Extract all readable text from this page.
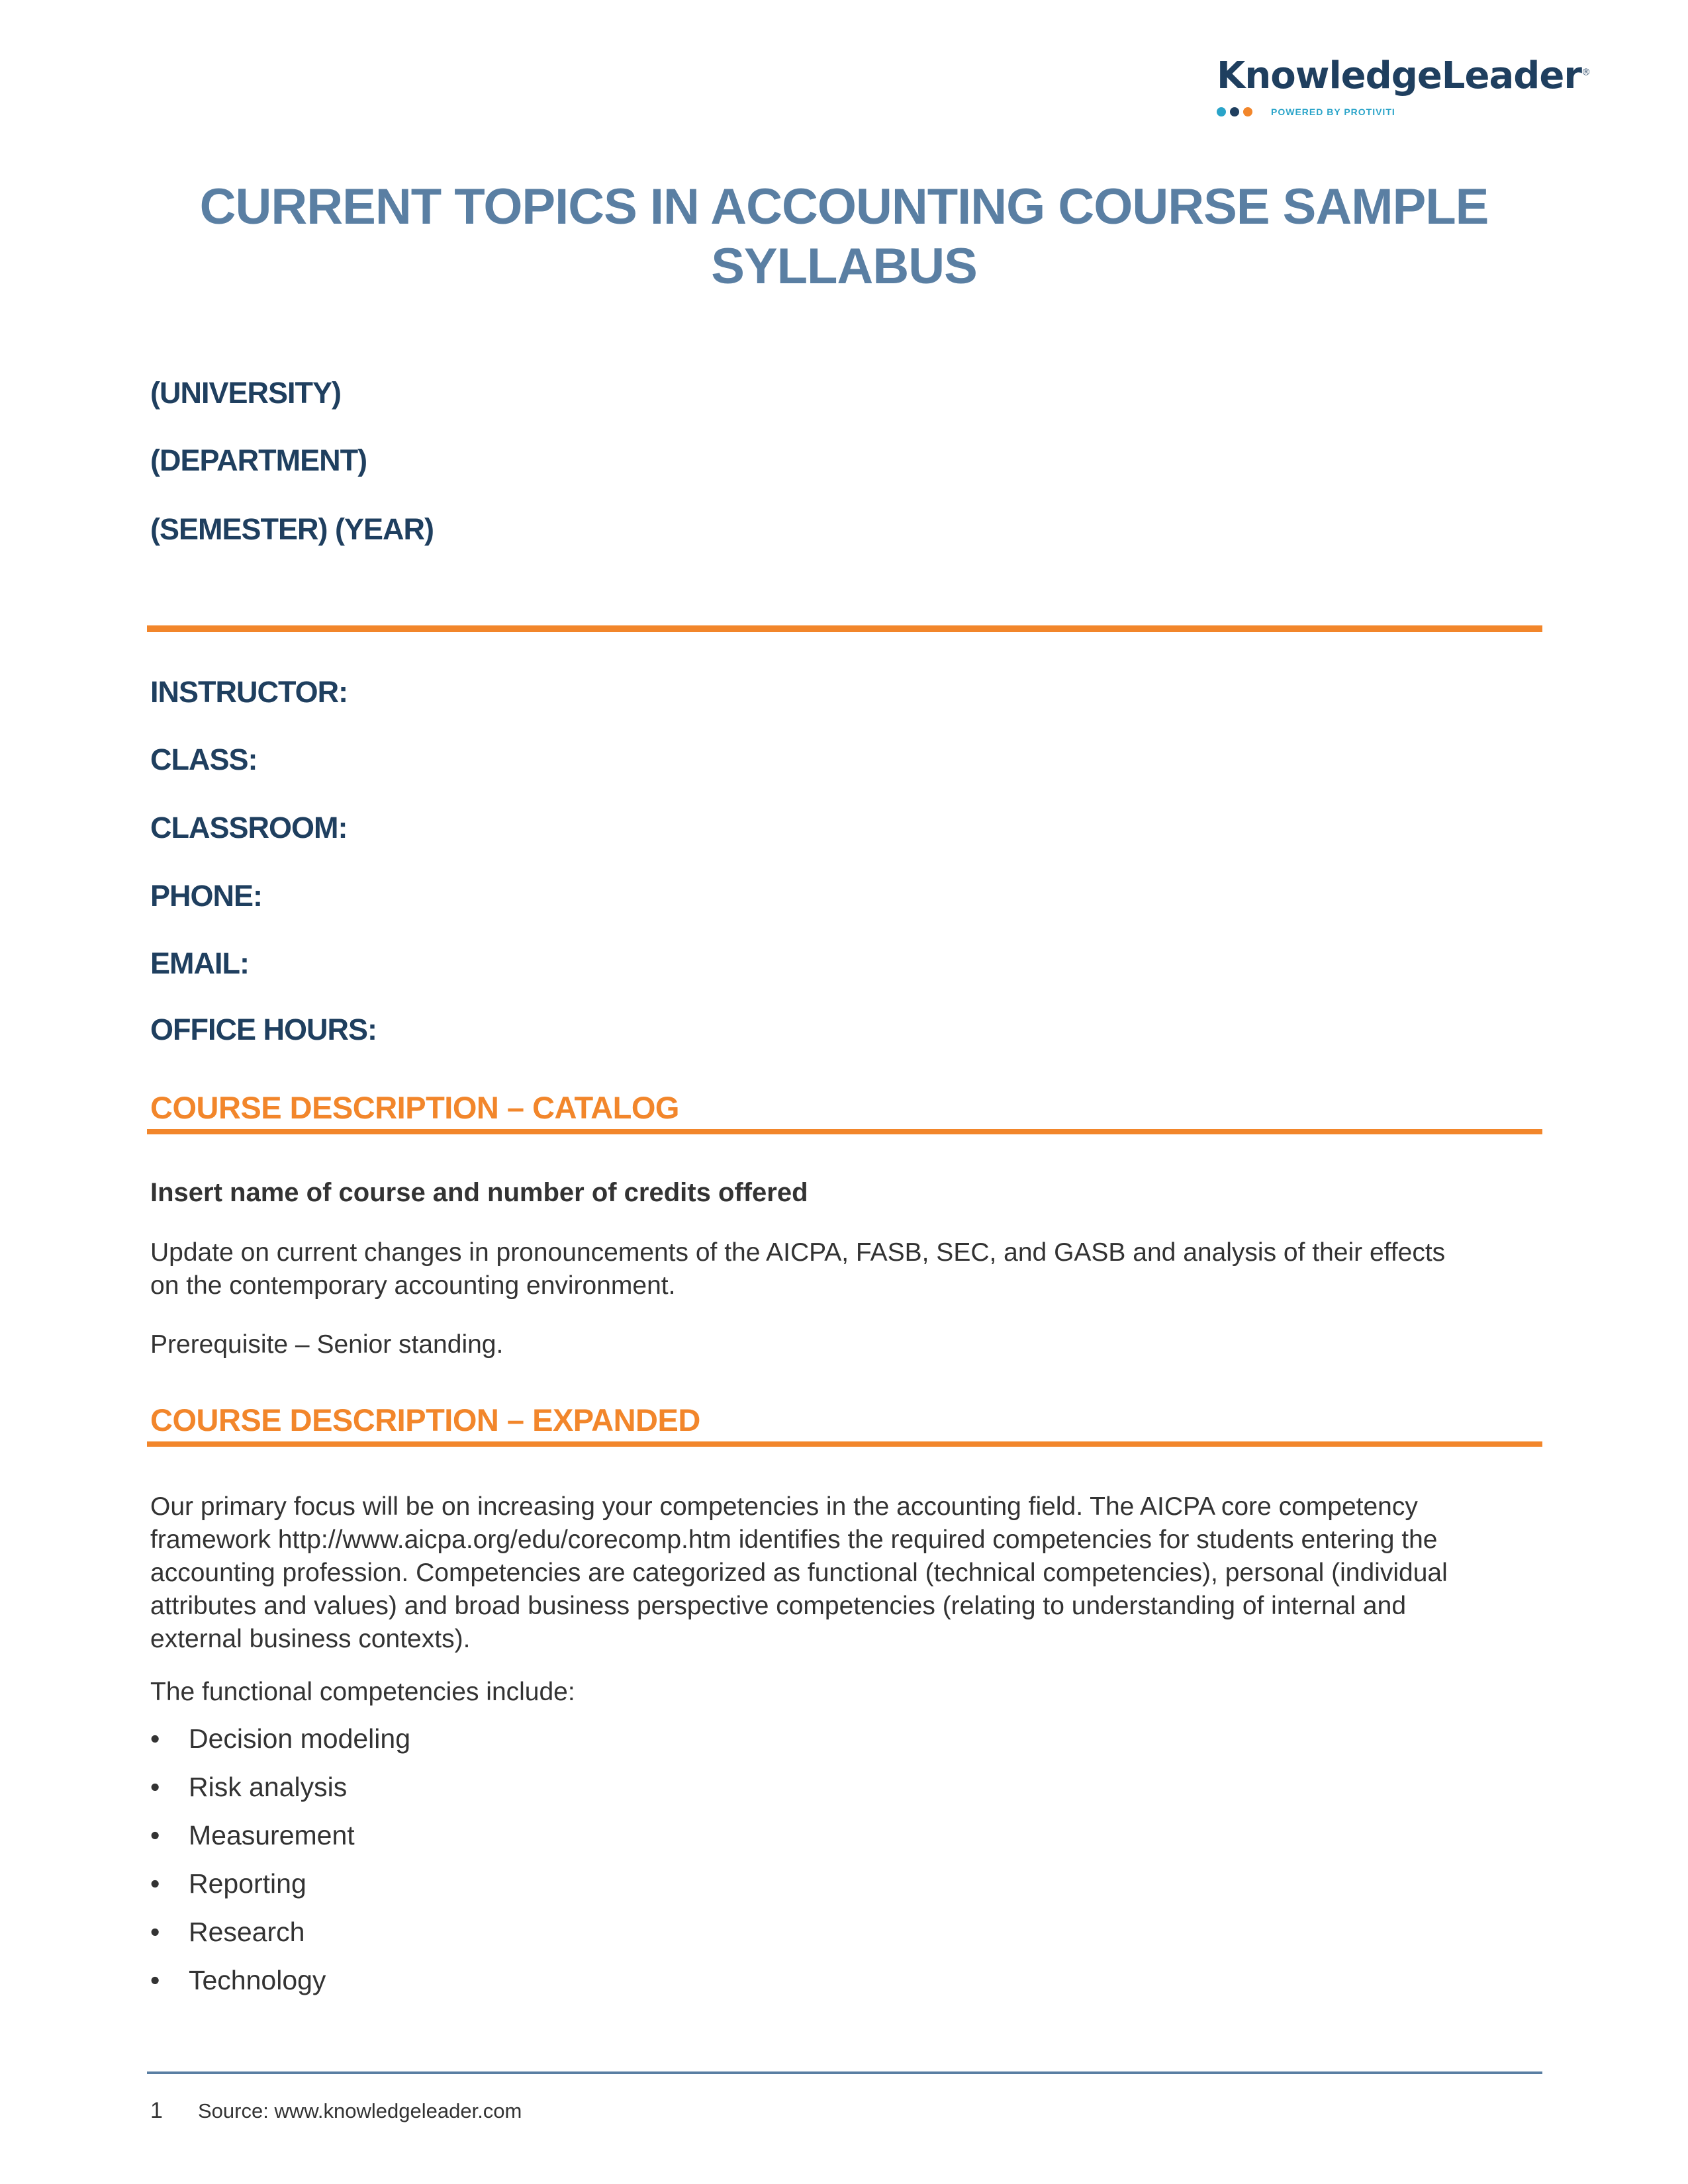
KnowledgeLeader®
POWERED BY PROTIVITI
CURRENT TOPICS IN ACCOUNTING COURSE SAMPLE SYLLABUS
(UNIVERSITY)
(DEPARTMENT)
(SEMESTER) (YEAR)
INSTRUCTOR:
CLASS:
CLASSROOM:
PHONE:
EMAIL:
OFFICE HOURS:
COURSE DESCRIPTION – CATALOG
Insert name of course and number of credits offered
Update on current changes in pronouncements of the AICPA, FASB, SEC, and GASB and analysis of their effects
on the contemporary accounting environment.
Prerequisite – Senior standing.
COURSE DESCRIPTION – EXPANDED
Our primary focus will be on increasing your competencies in the accounting field. The AICPA core competency
framework http://www.aicpa.org/edu/corecomp.htm identifies the required competencies for students entering the
accounting profession. Competencies are categorized as functional (technical competencies), personal (individual
attributes and values) and broad business perspective competencies (relating to understanding of internal and
external business contexts).
The functional competencies include:
•	Decision modeling
•	Risk analysis
•	Measurement
•	Reporting
•	Research
•	Technology
1	Source: www.knowledgeleader.com
